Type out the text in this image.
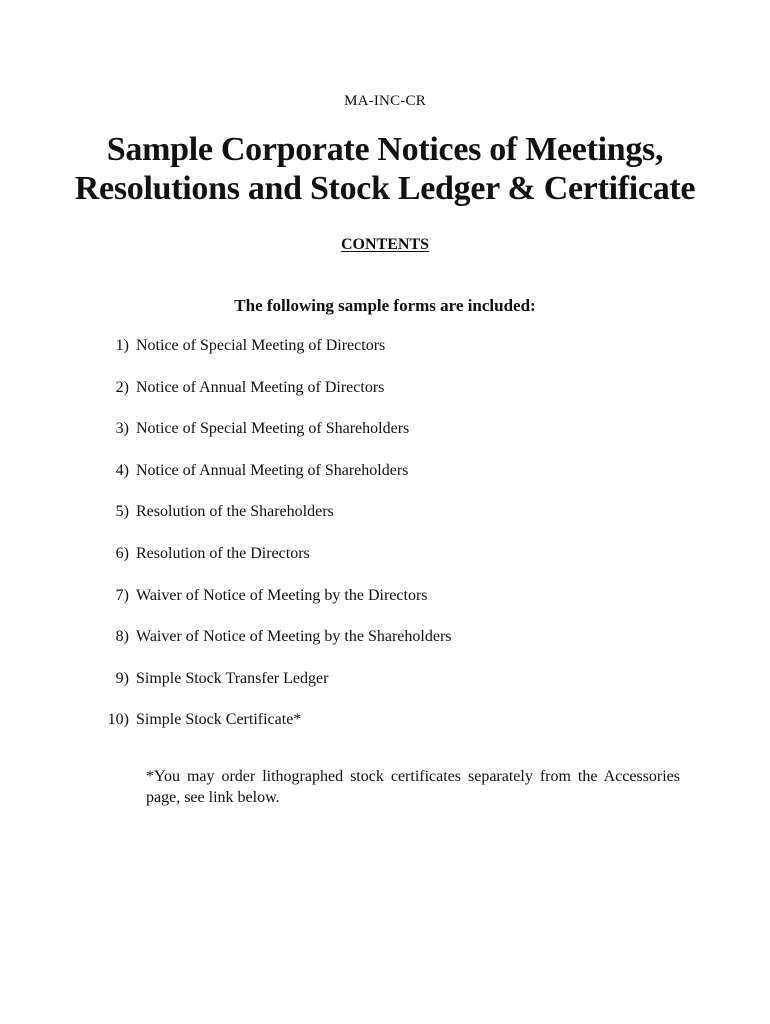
MA-INC-CR
Sample Corporate Notices of Meetings,
Resolutions and Stock Ledger & Certificate
CONTENTS
The following sample forms are included:
1) Notice of Special Meeting of Directors
2) Notice of Annual Meeting of Directors
3) Notice of Special Meeting of Shareholders
4) Notice of Annual Meeting of Shareholders
5) Resolution of the Shareholders
6) Resolution of the Directors
7) Waiver of Notice of Meeting by the Directors
8) Waiver of Notice of Meeting by the Shareholders
9) Simple Stock Transfer Ledger
10) Simple Stock Certificate*

*You may order lithographed stock certificates separately from the Accessories page, see link below.
